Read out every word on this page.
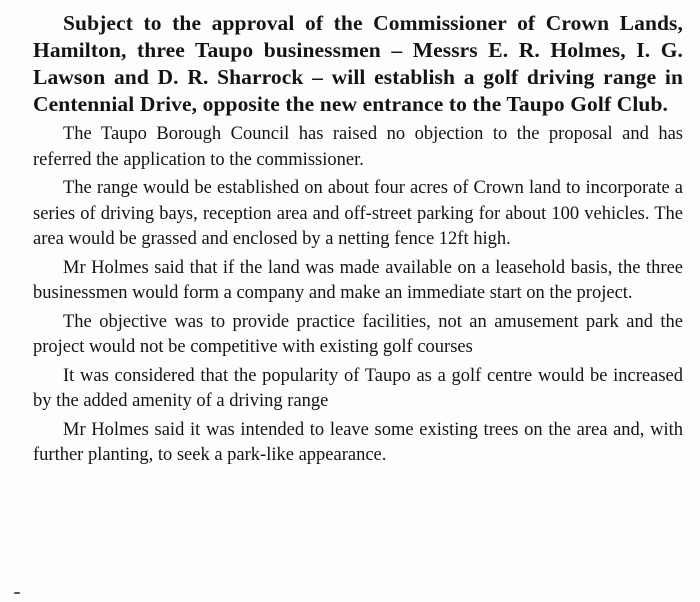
Subject to the approval of the Commissioner of Crown Lands, Hamilton, three Taupo businessmen – Messrs E. R. Holmes, I. G. Lawson and D. R. Sharrock – will establish a golf driving range in Centennial Drive, opposite the new entrance to the Taupo Golf Club.

The Taupo Borough Council has raised no objection to the proposal and has referred the application to the commissioner.

The range would be established on about four acres of Crown land to incorporate a series of driving bays, reception area and off-street parking for about 100 vehicles. The area would be grassed and enclosed by a netting fence 12ft high.

Mr Holmes said that if the land was made available on a leasehold basis, the three businessmen would form a company and make an immediate start on the project.

The objective was to provide practice facilities, not an amusement park and the project would not be competitive with existing golf courses

It was considered that the popularity of Taupo as a golf centre would be increased by the added amenity of a driving range

Mr Holmes said it was intended to leave some existing trees on the area and, with further planting, to seek a park-like appearance.
